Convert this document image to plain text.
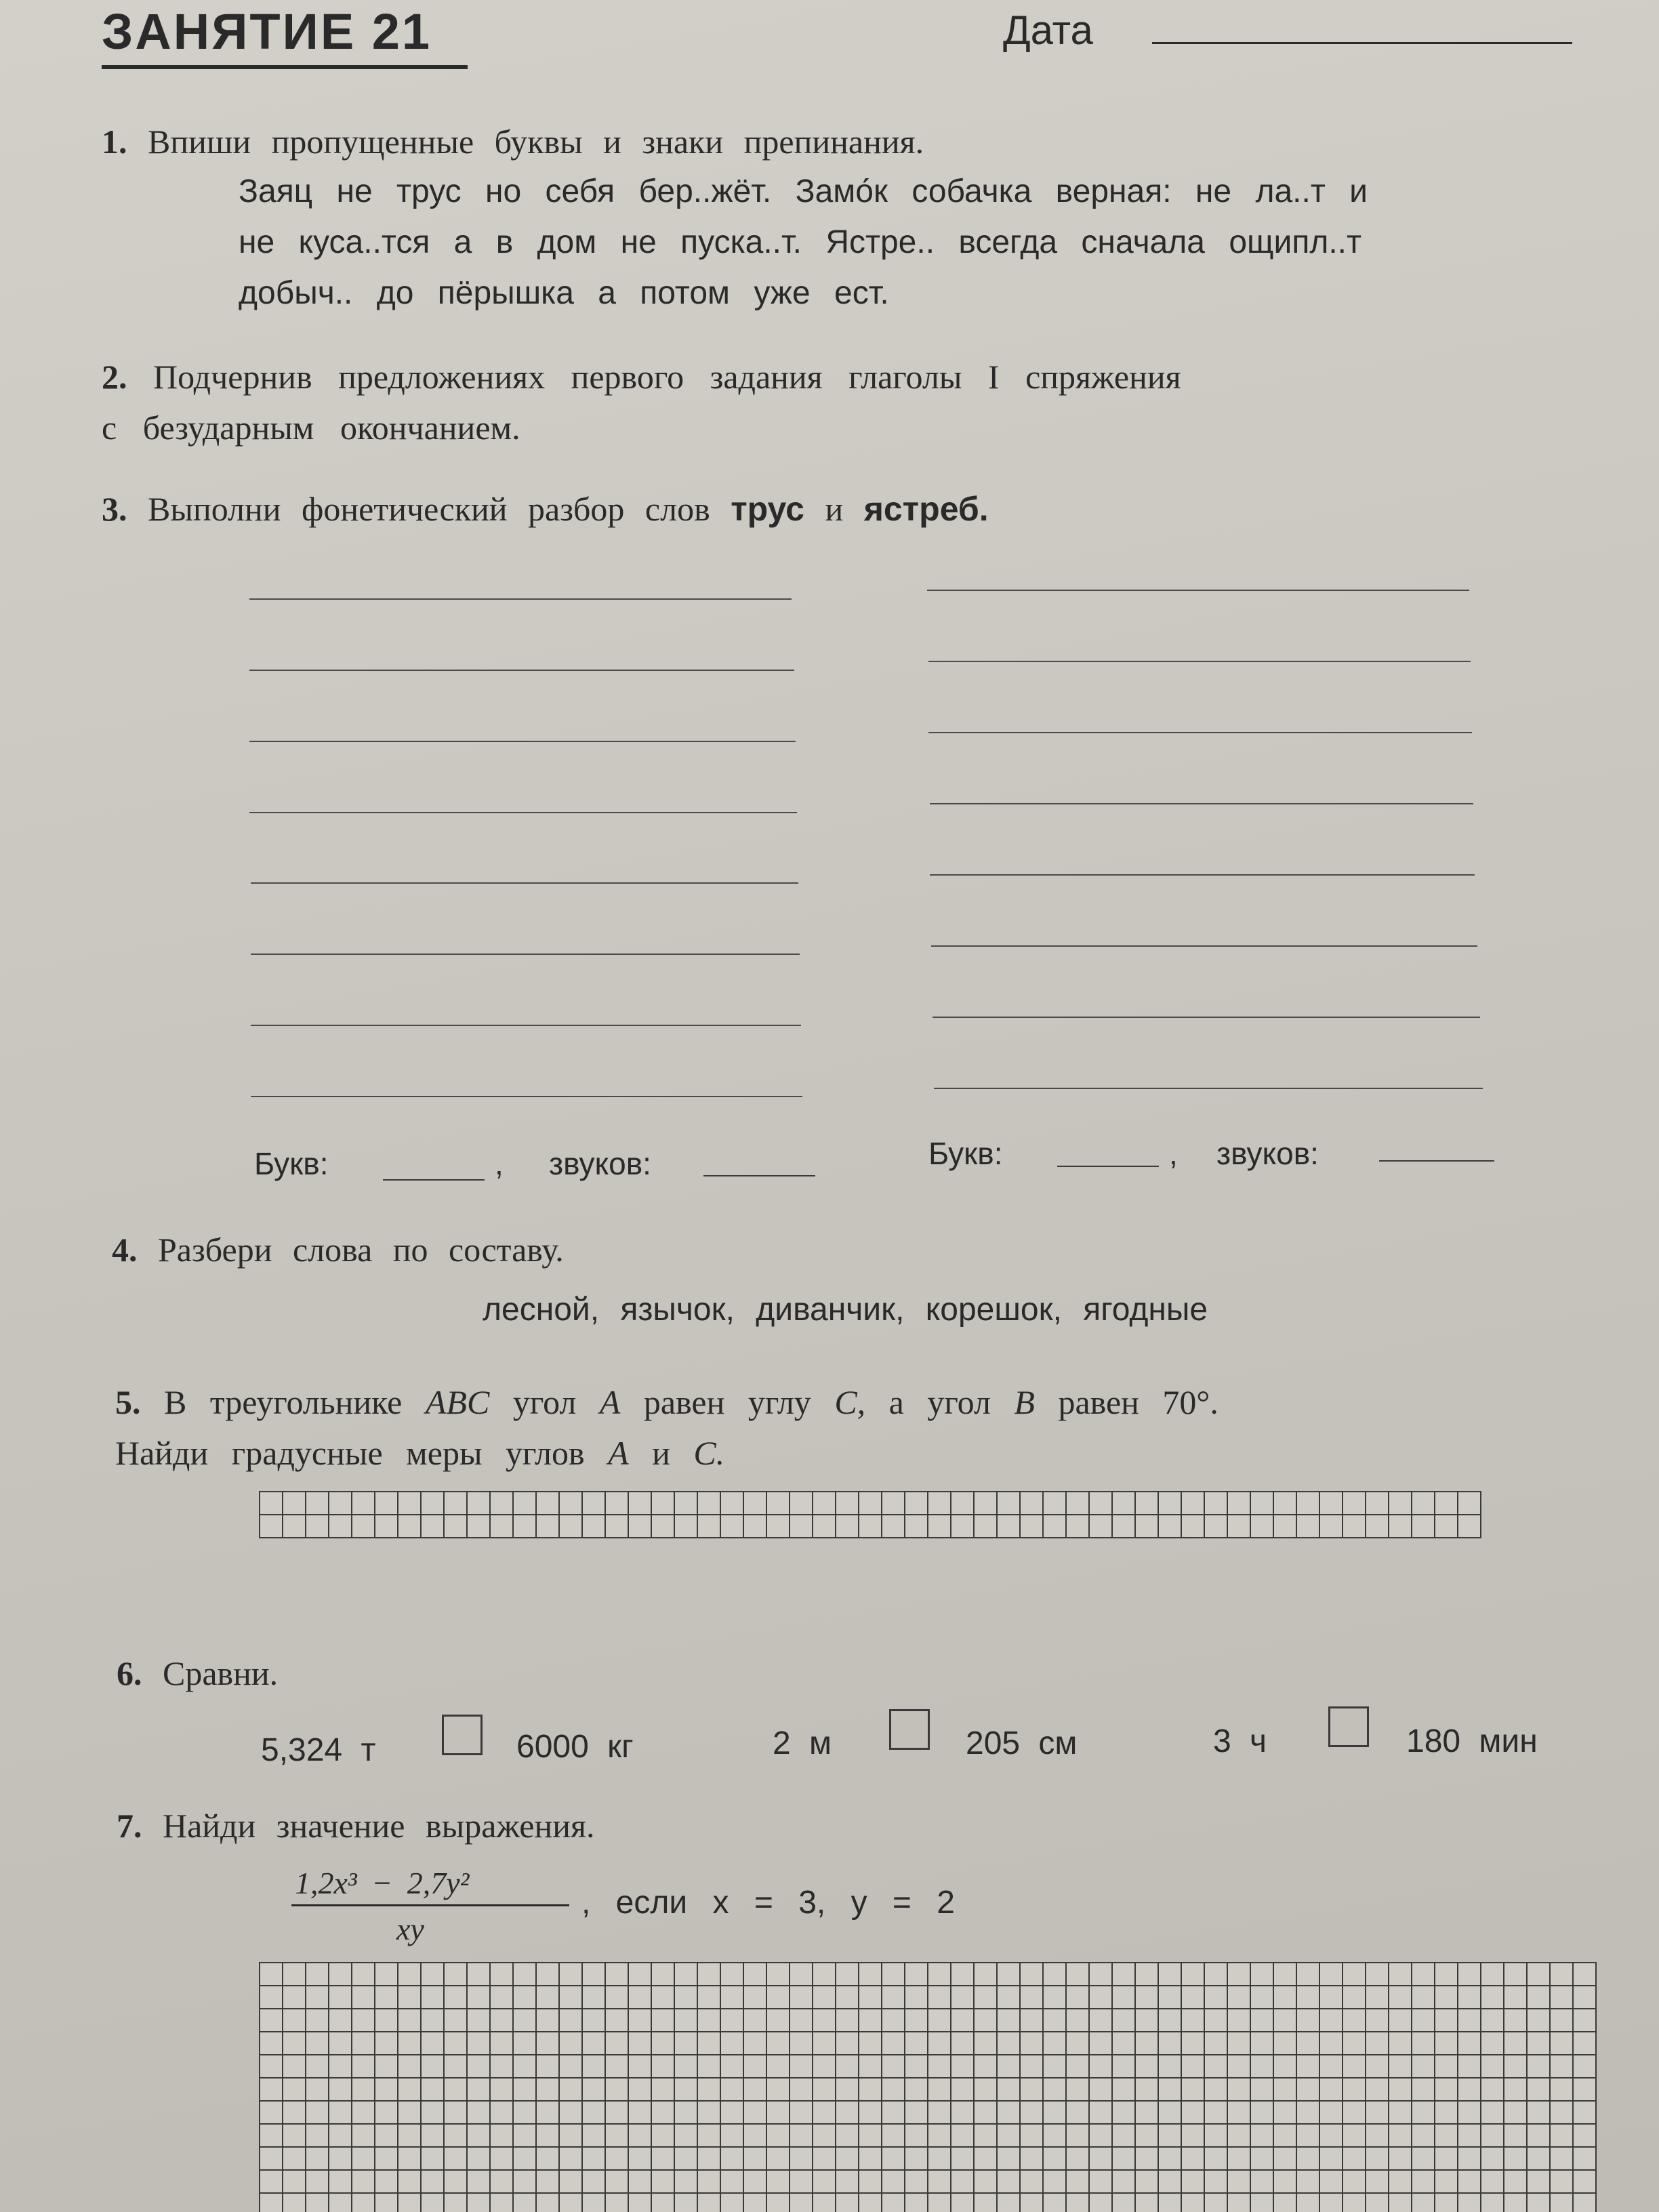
ЗАНЯТИЕ 21	Дата
1. Впиши пропущенные буквы и знаки препинания.
Заяц не трус но себя бер..жёт. Замо́к собачка верная: не ла..т и
не куса..тся а в дом не пуска..т. Ястре.. всегда сначала ощипл..т
добыч.. до пёрышка а потом уже ест.
2. Подчернив предложениях первого задания глаголы I спряжения
с безударным окончанием.
3. Выполни фонетический разбор слов трус и ястреб.
Букв:	, звуков:	Букв:	, звуков:
4. Разбери слова по составу.
лесной, язычок, диванчик, корешок, ягодные
5. В треугольнике ABC угол A равен углу C, а угол B равен 70°.
Найди градусные меры углов A и C.
6. Сравни.
5,324 т	6000 кг	2 м	205 см	3 ч	180 мин
7. Найди значение выражения.
1,2x³ − 2,7y²
xy
, если x = 3, y = 2
